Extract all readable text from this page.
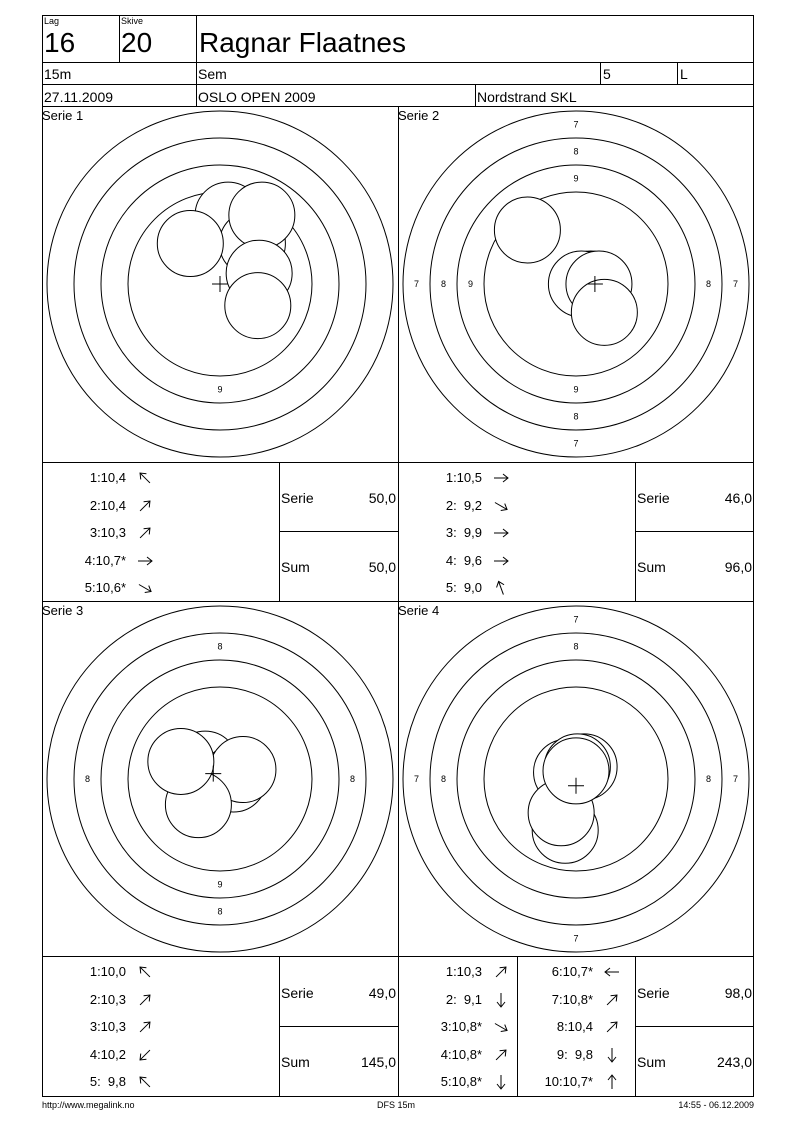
Lag
16
Skive
20 Ragnar Flaatnes
15m	Sem	5	L
27.11.2009	OSLO OPEN 2009	Nordstrand SKL
Serie 1
9
Serie 2
7
7
7	7
8
8
8	8
9
9
9
Serie 3
8
8
8	8
9
Serie 4
7
7
7	7
8
8	8
1:10,4
2:10,4
3:10,3
4:10,7*
5:10,6*
Serie	50,0
Sum	50,0
1:10,5
2:  9,2
3:  9,9
4:  9,6
5:  9,0
Serie	46,0
Sum	96,0
1:10,0
2:10,3
3:10,3
4:10,2
5:  9,8
Serie	49,0
Sum	145,0
1:10,3
2:  9,1
3:10,8*
4:10,8*
5:10,8*
6:10,7*
7:10,8*
8:10,4
9:  9,8
10:10,7*
Serie	98,0
Sum	243,0
http://www.megalink.no	DFS 15m	14:55 - 06.12.2009
